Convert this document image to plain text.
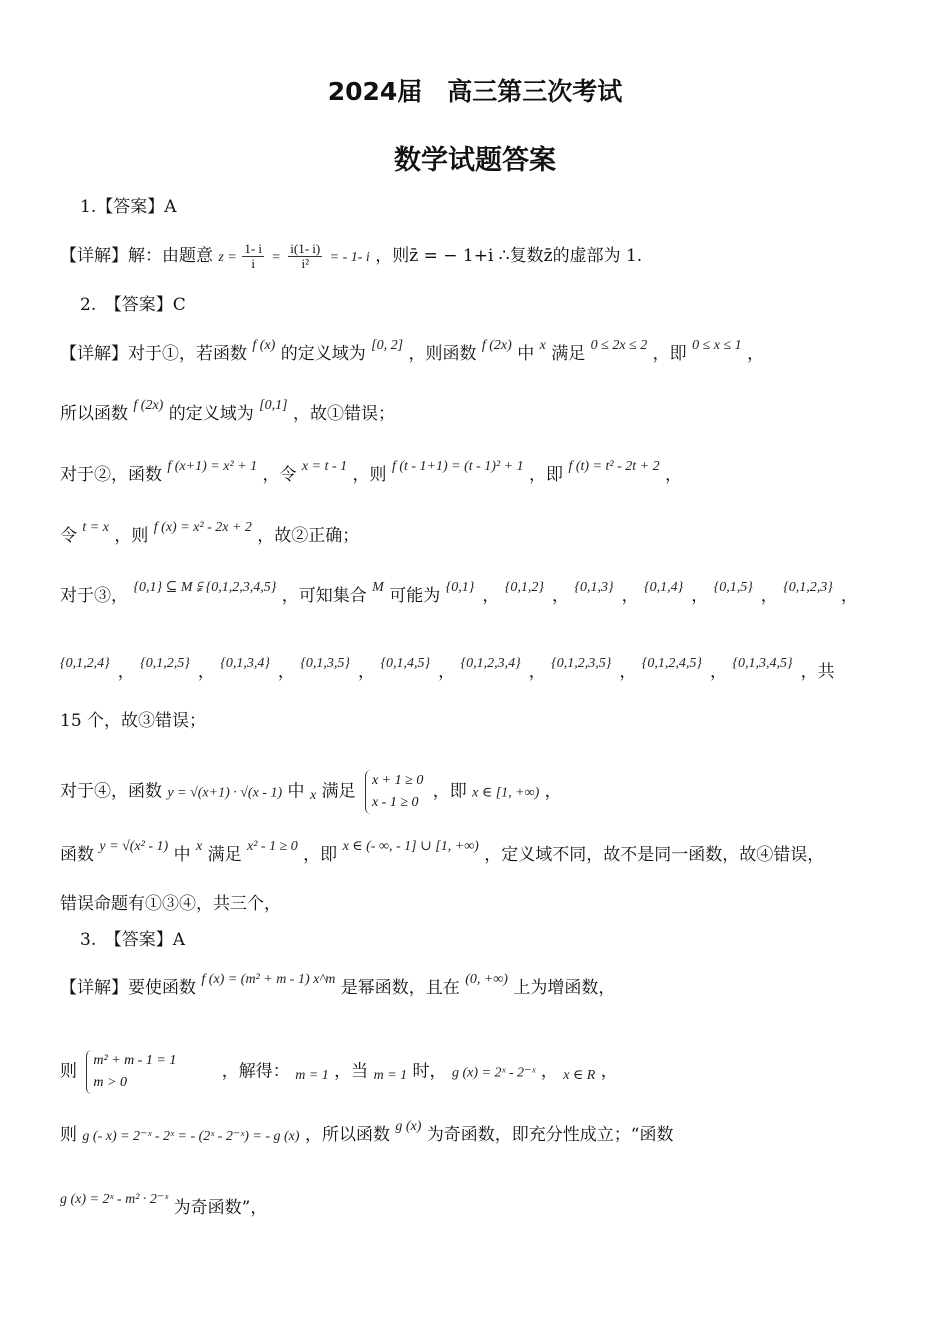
2024届　高三第三次考试
数学试题答案
1.【答案】A
【详解】解：由题意 $z = \frac{1- i}{i} = \frac{i(1- i)}{\text{i²}}$ = - 1- i ，则z̄ = − 1+i ∴复数z̄的虚部为 1.
2.　【答案】C
【详解】对于①，若函数 $^{f (x)}$ 的定义域为 [0, 2] ，则函数 $^{f (2x)}$ 中 $^x$ 满足 $^{0 \le 2x \le 2}$ ，即 $^{0 \le x \le 1}$ ，
所以函数 $^{f (2x)}$ 的定义域为 [0,1] ，故①错误；
对于②，函数 $^{f (x+1) = x^2 + 1}$ ，令 $^{x = t - 1}$ ，则 $^{f (t - 1+1) = (t - 1)^2 + 1}$ ，即 $^{f (t) = t^2 - 2t + 2}$ ，
令 $^{t = x}$ ，则 $^{f (x) = x^2 - 2x + 2}$ ，故②正确；
对于③， $^{\{0,1\} ⊆ M ⫋ \{0,1,2,3,4,5\}}$ ，可知集合 $^M$ 可能为 $^{\{0,1\}}$ ， $^{\{0,1,2\}}$ ， $^{\{0,1,3\}}$ ， $^{\{0,1,4\}}$ ， $^{\{0,1,5\}}$ ， $^{\{0,1,2,3\}}$ ，
$^{\{0,1,2,4\}}$ ， $^{\{0,1,2,5\}}$ ， $^{\{0,1,3,4\}}$ ， $^{\{0,1,3,5\}}$ ， $^{\{0,1,4,5\}}$ ， $^{\{0,1,2,3,4\}}$ ， $^{\{0,1,2,3,5\}}$ ， $^{\{0,1,2,4,5\}}$ ， $^{\{0,1,3,4,5\}}$ ，共
15 个，故③错误；
对于④，函数 y = √(x+1) · √(x - 1) 中 x 满足
x + 1 ≥ 0
x - 1 ≥ 0
，即 x ∈ [1, +∞) ，
函数 $^{y = √(x^2 - 1)}$ 中 $^x$ 满足 $^{x^2 - 1 \ge 0}$ ，即 $^{x \in (- \infty, - 1] \cup [1, +\infty)}$ ，定义域不同，故不是同一函数，故④错误，
错误命题有①③④，共三个，
3.　【答案】A
【详解】要使函数 $^{f (x) = (m^2 + m - 1) x\^{}m}$ 是幂函数，且在 $^{(0, +\infty)}$ 上为增函数，
则
m² + m - 1 = 1
m > 0
，解得： m = 1 ，当 m = 1 时， g (x) = 2ˣ - 2⁻ˣ ， x ∈ R ，
则 g (- x) = 2⁻ˣ - 2ˣ = - (2ˣ - 2⁻ˣ) = - g (x) ，所以函数 $^{g (x)}$ 为奇函数，即充分性成立；“函数
$^{g (x) = 2ˣ - m^2 \cdot 2^-ˣ}$ 为奇函数”，
